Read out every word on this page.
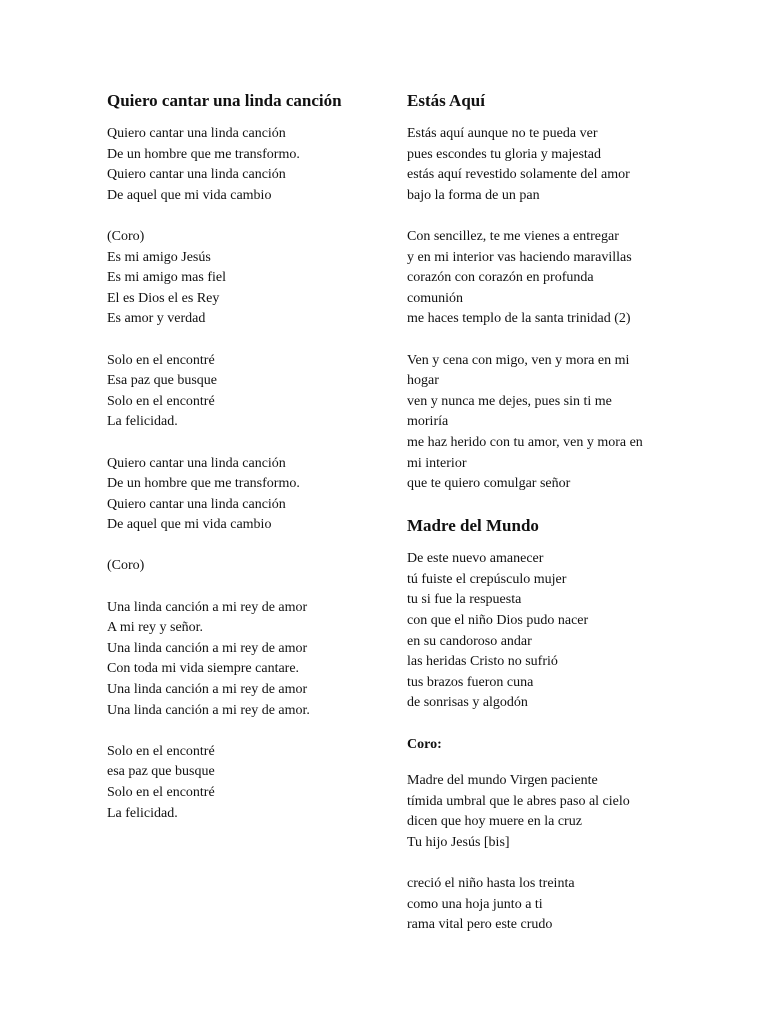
Quiero cantar una linda canción
Quiero cantar una linda canción
De un hombre que me transformo.
Quiero cantar una linda canción
De aquel que mi vida cambio
(Coro)
Es mi amigo Jesús
Es mi amigo mas fiel
El es Dios el es Rey
Es amor y verdad
Solo en el encontré
Esa paz que busque
Solo en el encontré
La felicidad.
Quiero cantar una linda canción
De un hombre que me transformo.
Quiero cantar una linda canción
De aquel que mi vida cambio
(Coro)
Una linda canción a mi rey de amor
A mi rey y señor.
Una linda canción a mi rey de amor
Con toda mi vida siempre cantare.
Una linda canción a mi rey de amor
Una linda canción a mi rey de amor.
Solo en el encontré
esa paz que busque
Solo en el encontré
La felicidad.
Estás Aquí
Estás aquí aunque no te pueda ver
pues escondes tu gloria y majestad
estás aquí revestido solamente del amor
bajo la forma de un pan
Con sencillez, te me vienes a entregar
y en mi interior vas haciendo maravillas
corazón con corazón en profunda
comunión
me haces templo de la santa trinidad (2)
Ven y cena con migo, ven y mora en mi
hogar
ven y nunca me dejes, pues sin ti me
moriría
me haz herido con tu amor, ven y mora en
mi interior
que te quiero comulgar señor
Madre del Mundo
De este nuevo amanecer
tú fuiste el crepúsculo mujer
tu si fue la respuesta
con que el niño Dios pudo nacer
en su candoroso andar
las heridas Cristo no sufrió
tus brazos fueron cuna
de sonrisas y algodón
Coro:
Madre del mundo Virgen paciente
tímida umbral que le abres paso al cielo
dicen que hoy muere en la cruz
Tu hijo Jesús [bis]
creció el niño hasta los treinta
como una hoja junto a ti
rama vital pero este crudo
